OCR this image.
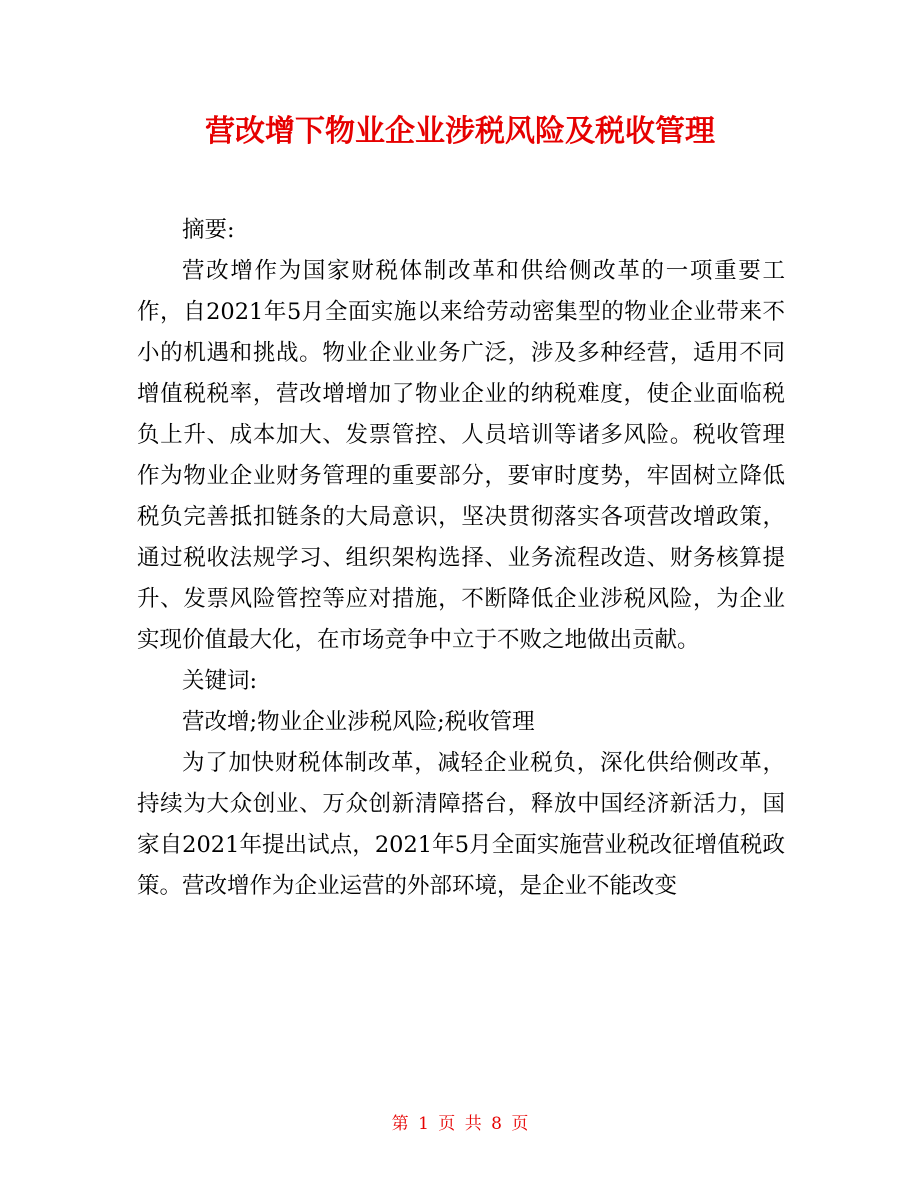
营改增下物业企业涉税风险及税收管理

摘要:

营改增作为国家财税体制改革和供给侧改革的一项重要工作，自2021年5月全面实施以来给劳动密集型的物业企业带来不小的机遇和挑战。物业企业业务广泛，涉及多种经营，适用不同增值税税率，营改增增加了物业企业的纳税难度，使企业面临税负上升、成本加大、发票管控、人员培训等诸多风险。税收管理作为物业企业财务管理的重要部分，要审时度势，牢固树立降低税负完善抵扣链条的大局意识，坚决贯彻落实各项营改增政策，通过税收法规学习、组织架构选择、业务流程改造、财务核算提升、发票风险管控等应对措施，不断降低企业涉税风险，为企业实现价值最大化，在市场竞争中立于不败之地做出贡献。

关键词:

营改增;物业企业涉税风险;税收管理

为了加快财税体制改革，减轻企业税负，深化供给侧改革，持续为大众创业、万众创新清障搭台，释放中国经济新活力，国家自2021年提出试点，2021年5月全面实施营业税改征增值税政策。营改增作为企业运营的外部环境，是企业不能改变

第 1 页 共 8 页
